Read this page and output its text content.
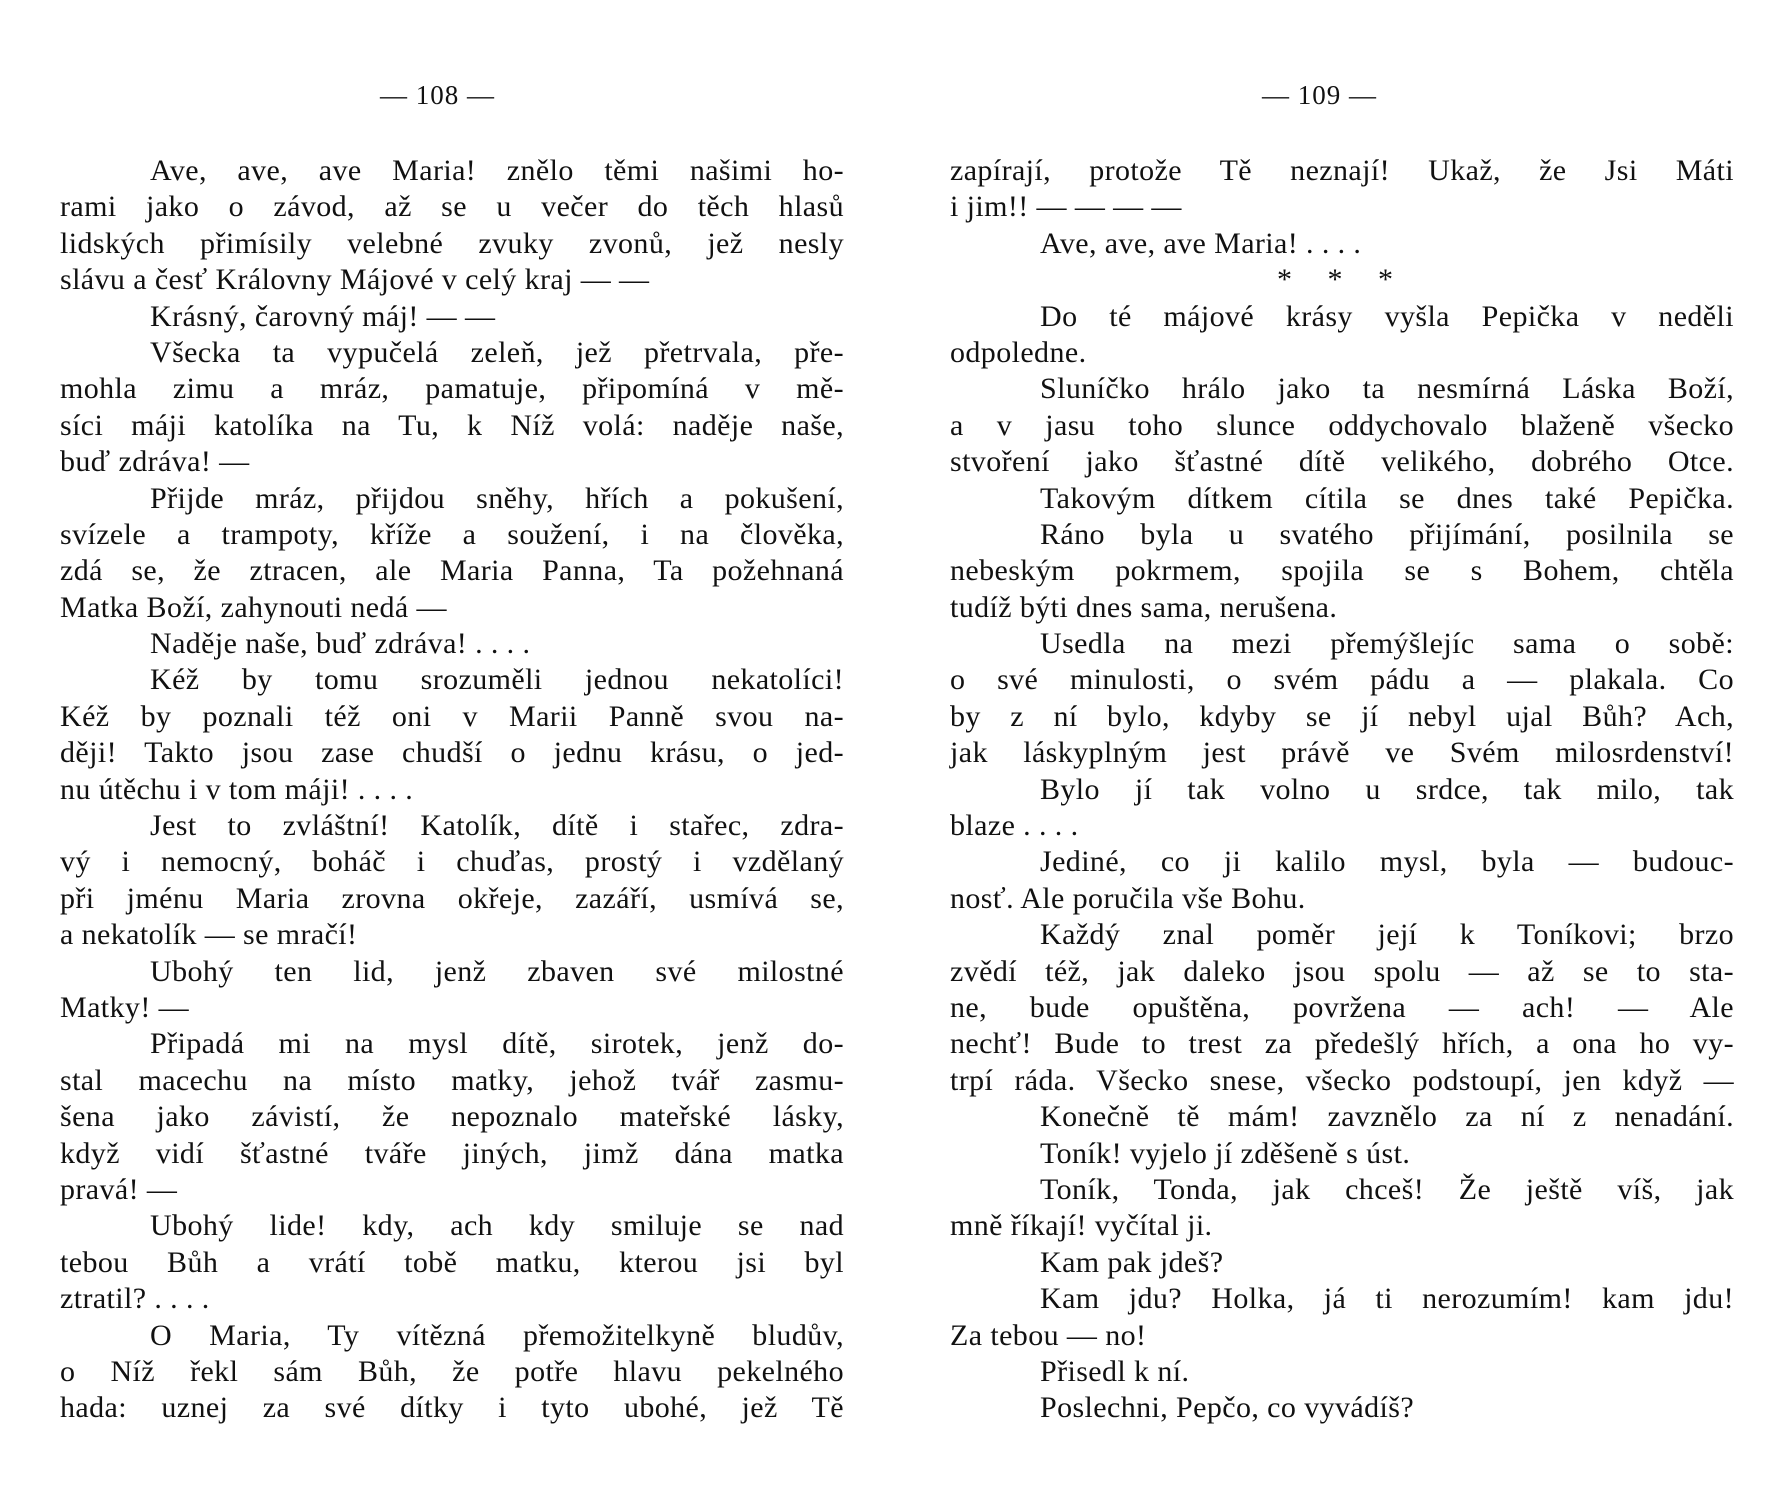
— 108 —
Ave, ave, ave Maria! znělo těmi našimi ho-
rami jako o závod, až se u večer do těch hlasů
lidských přimísily velebné zvuky zvonů, jež nesly
slávu a česť Královny Májové v celý kraj — —
Krásný, čarovný máj! — —
Všecka ta vypučelá zeleň, jež přetrvala, pře-
mohla zimu a mráz, pamatuje, připomíná v mě-
síci máji katolíka na Tu, k Níž volá: naděje naše,
buď zdráva! —
Přijde mráz, přijdou sněhy, hřích a pokušení,
svízele a trampoty, kříže a soužení, i na člověka,
zdá se, že ztracen, ale Maria Panna, Ta požehnaná
Matka Boží, zahynouti nedá —
Naděje naše, buď zdráva! . . . .
Kéž by tomu srozuměli jednou nekatolíci!
Kéž by poznali též oni v Marii Panně svou na-
ději! Takto jsou zase chudší o jednu krásu, o jed-
nu útěchu i v tom máji! . . . .
Jest to zvláštní! Katolík, dítě i stařec, zdra-
vý i nemocný, boháč i chuďas, prostý i vzdělaný
při jménu Maria zrovna okřeje, zazáří, usmívá se,
a nekatolík — se mračí!
Ubohý ten lid, jenž zbaven své milostné
Matky! —
Připadá mi na mysl dítě, sirotek, jenž do-
stal macechu na místo matky, jehož tvář zasmu-
šena jako závistí, že nepoznalo mateřské lásky,
když vidí šťastné tváře jiných, jimž dána matka
pravá! —
Ubohý lide! kdy, ach kdy smiluje se nad
tebou Bůh a vrátí tobě matku, kterou jsi byl
ztratil? . . . .
O Maria, Ty vítězná přemožitelkyně bludův,
o Níž řekl sám Bůh, že potře hlavu pekelného
hada: uznej za své dítky i tyto ubohé, jež Tě
— 109 —
zapírají, protože Tě neznají! Ukaž, že Jsi Máti
i jim!! — — — —
Ave, ave, ave Maria! . . . .
* * *
Do té májové krásy vyšla Pepička v neděli
odpoledne.
Sluníčko hrálo jako ta nesmírná Láska Boží,
a v jasu toho slunce oddychovalo blaženě všecko
stvoření jako šťastné dítě velikého, dobrého Otce.
Takovým dítkem cítila se dnes také Pepička.
Ráno byla u svatého přijímání, posilnila se
nebeským pokrmem, spojila se s Bohem, chtěla
tudíž býti dnes sama, nerušena.
Usedla na mezi přemýšlejíc sama o sobě:
o své minulosti, o svém pádu a — plakala. Co
by z ní bylo, kdyby se jí nebyl ujal Bůh? Ach,
jak láskyplným jest právě ve Svém milosrdenství!
Bylo jí tak volno u srdce, tak milo, tak
blaze . . . .
Jediné, co ji kalilo mysl, byla — budouc-
nosť. Ale poručila vše Bohu.
Každý znal poměr její k Toníkovi; brzo
zvědí též, jak daleko jsou spolu — až se to sta-
ne, bude opuštěna, povržena — ach! — Ale
nechť! Bude to trest za předešlý hřích, a ona ho vy-
trpí ráda. Všecko snese, všecko podstoupí, jen když —
Konečně tě mám! zavznělo za ní z nenadání.
Toník! vyjelo jí zděšeně s úst.
Toník, Tonda, jak chceš! Že ještě víš, jak
mně říkají! vyčítal ji.
Kam pak jdeš?
Kam jdu? Holka, já ti nerozumím! kam jdu!
Za tebou — no!
Přisedl k ní.
Poslechni, Pepčo, co vyvádíš?
